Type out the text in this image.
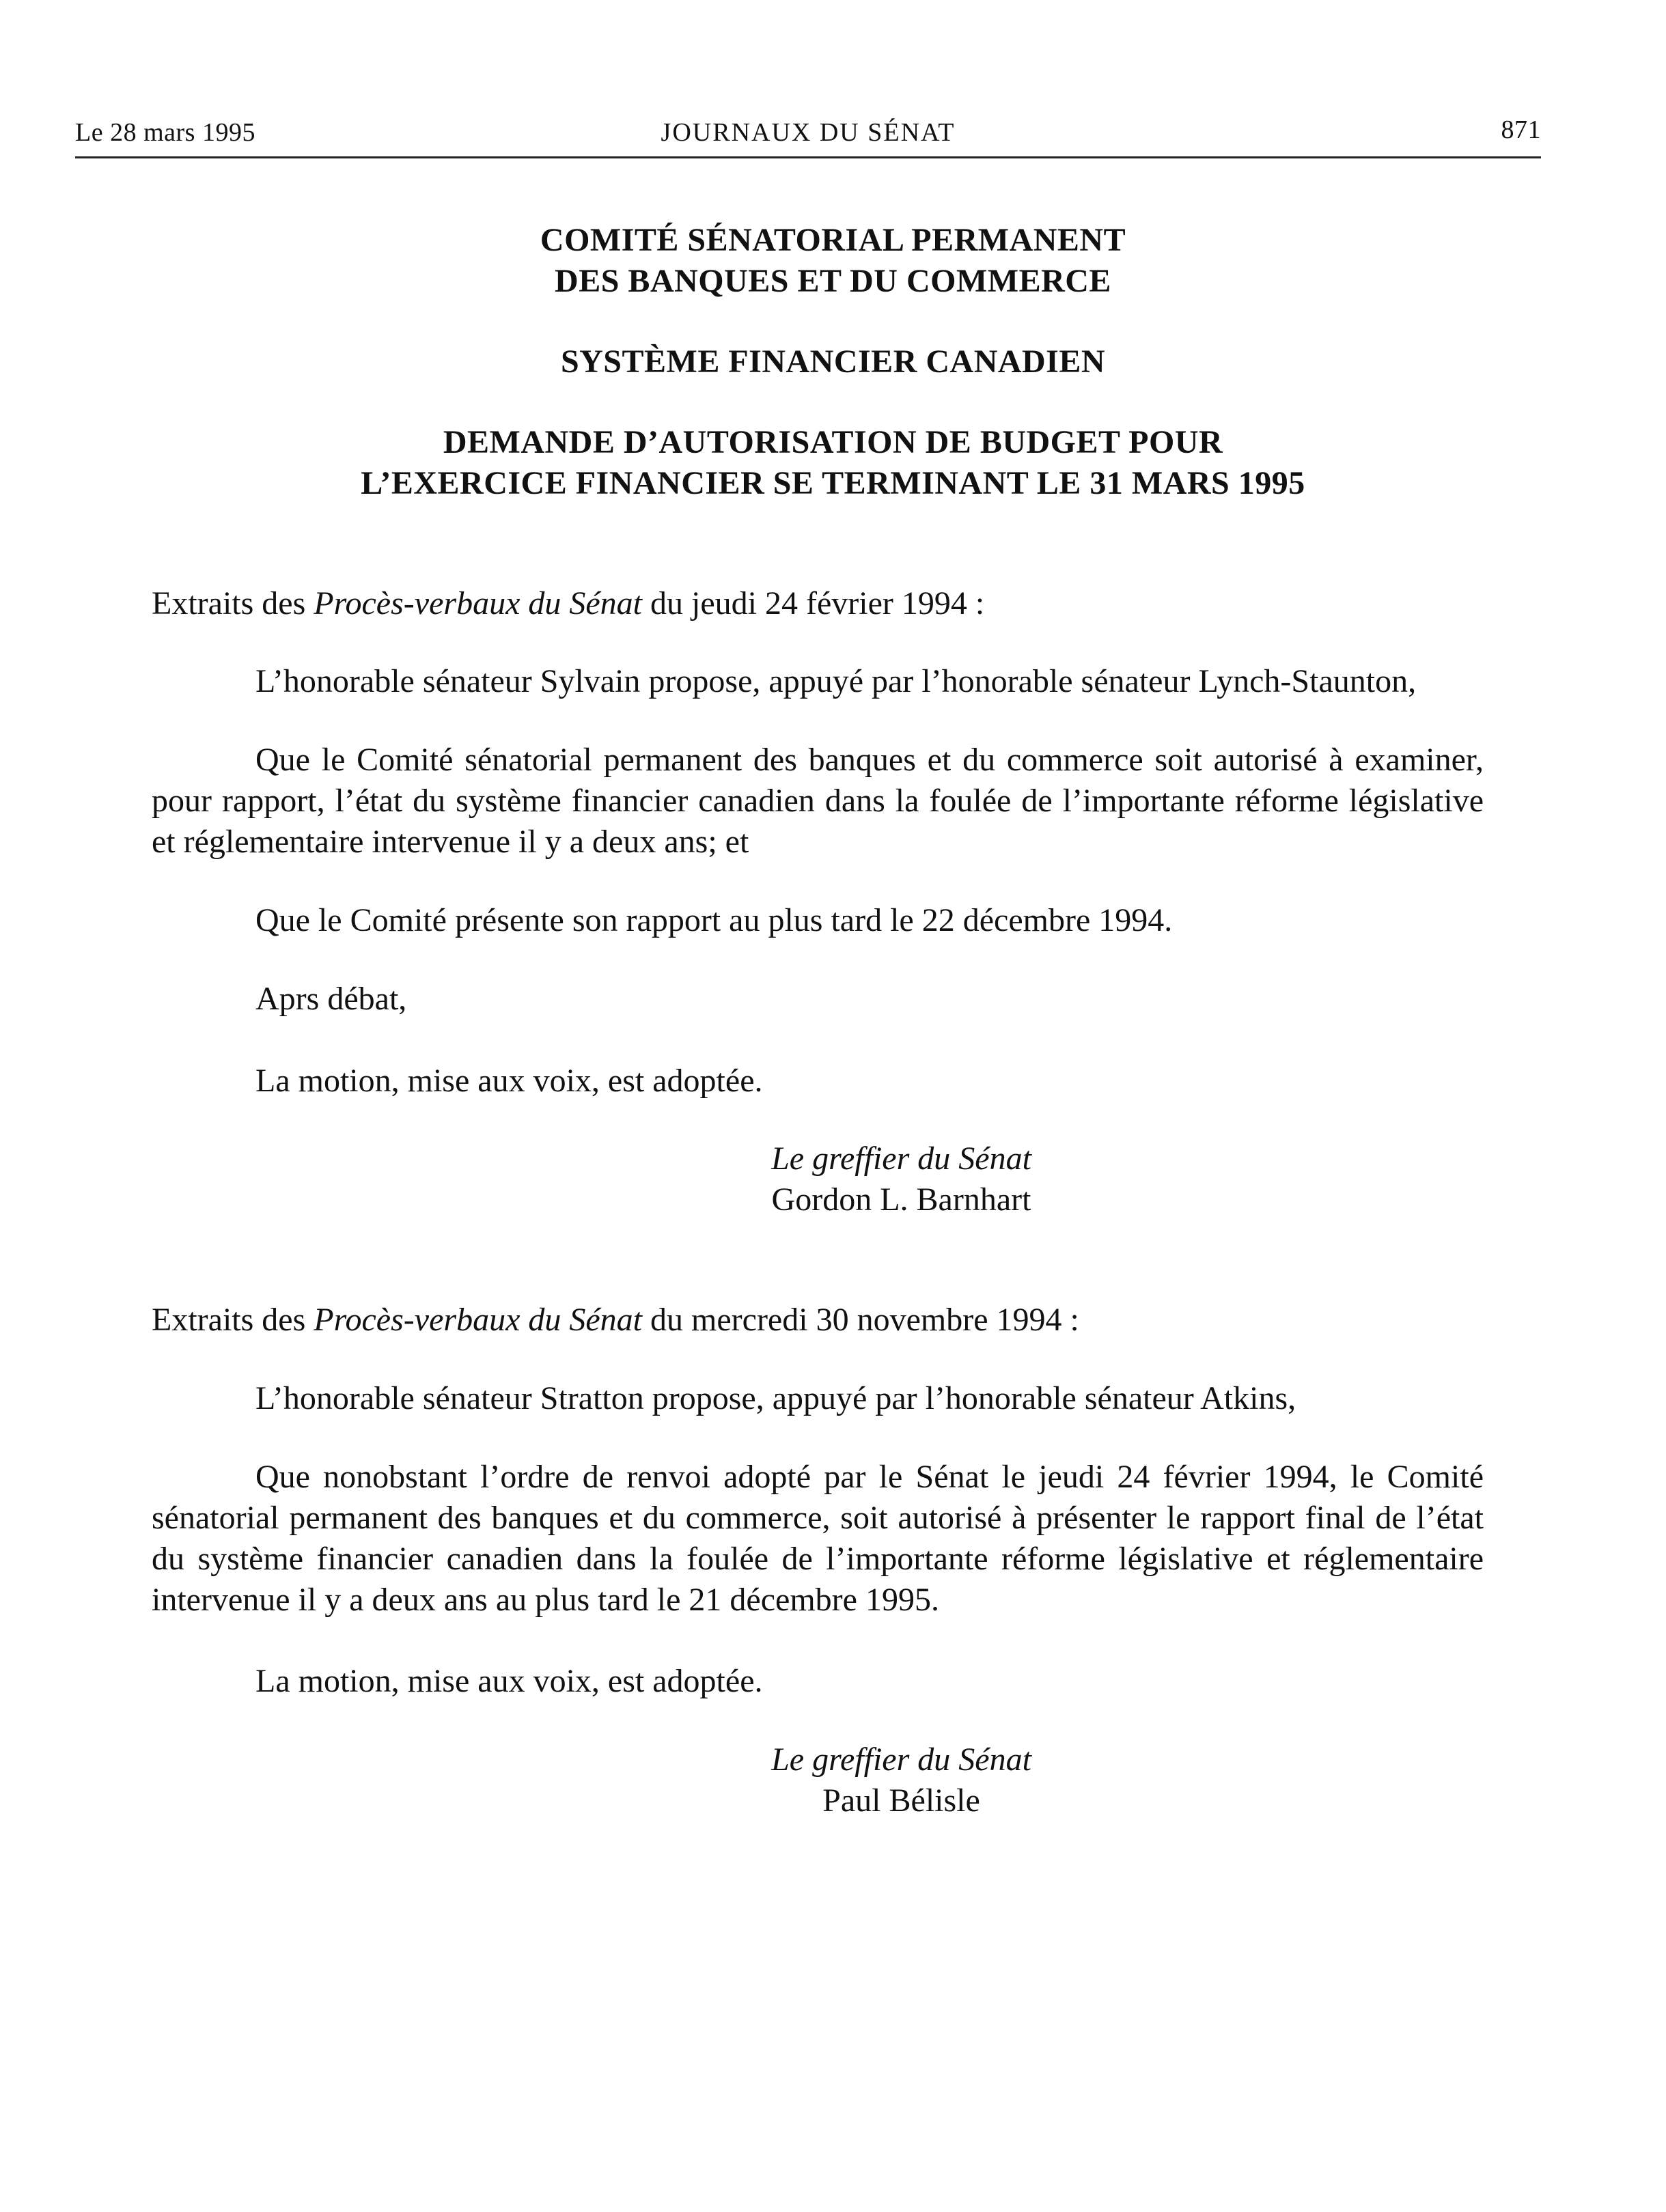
Le 28 mars 1995	JOURNAUX DU SÉNAT	871
COMITÉ SÉNATORIAL PERMANENT
DES BANQUES ET DU COMMERCE
SYSTÈME FINANCIER CANADIEN
DEMANDE D’AUTORISATION DE BUDGET POUR
L’EXERCICE FINANCIER SE TERMINANT LE 31 MARS 1995
Extraits des Procès-verbaux du Sénat du jeudi 24 février 1994 :
L’honorable sénateur Sylvain propose, appuyé par l’honorable sénateur Lynch-Staunton,
Que le Comité sénatorial permanent des banques et du commerce soit autorisé à examiner, pour rapport, l’état du système financier canadien dans la foulée de l’importante réforme législative et réglementaire intervenue il y a deux ans; et
Que le Comité présente son rapport au plus tard le 22 décembre 1994.
Aprs débat,
La motion, mise aux voix, est adoptée.
Le greffier du Sénat
Gordon L. Barnhart
Extraits des Procès-verbaux du Sénat du mercredi 30 novembre 1994 :
L’honorable sénateur Stratton propose, appuyé par l’honorable sénateur Atkins,
Que nonobstant l’ordre de renvoi adopté par le Sénat le jeudi 24 février 1994, le Comité sénatorial permanent des banques et du commerce, soit autorisé à présenter le rapport final de l’état du système financier canadien dans la foulée de l’importante réforme législative et réglementaire intervenue il y a deux ans au plus tard le 21 décembre 1995.
La motion, mise aux voix, est adoptée.
Le greffier du Sénat
Paul Bélisle
